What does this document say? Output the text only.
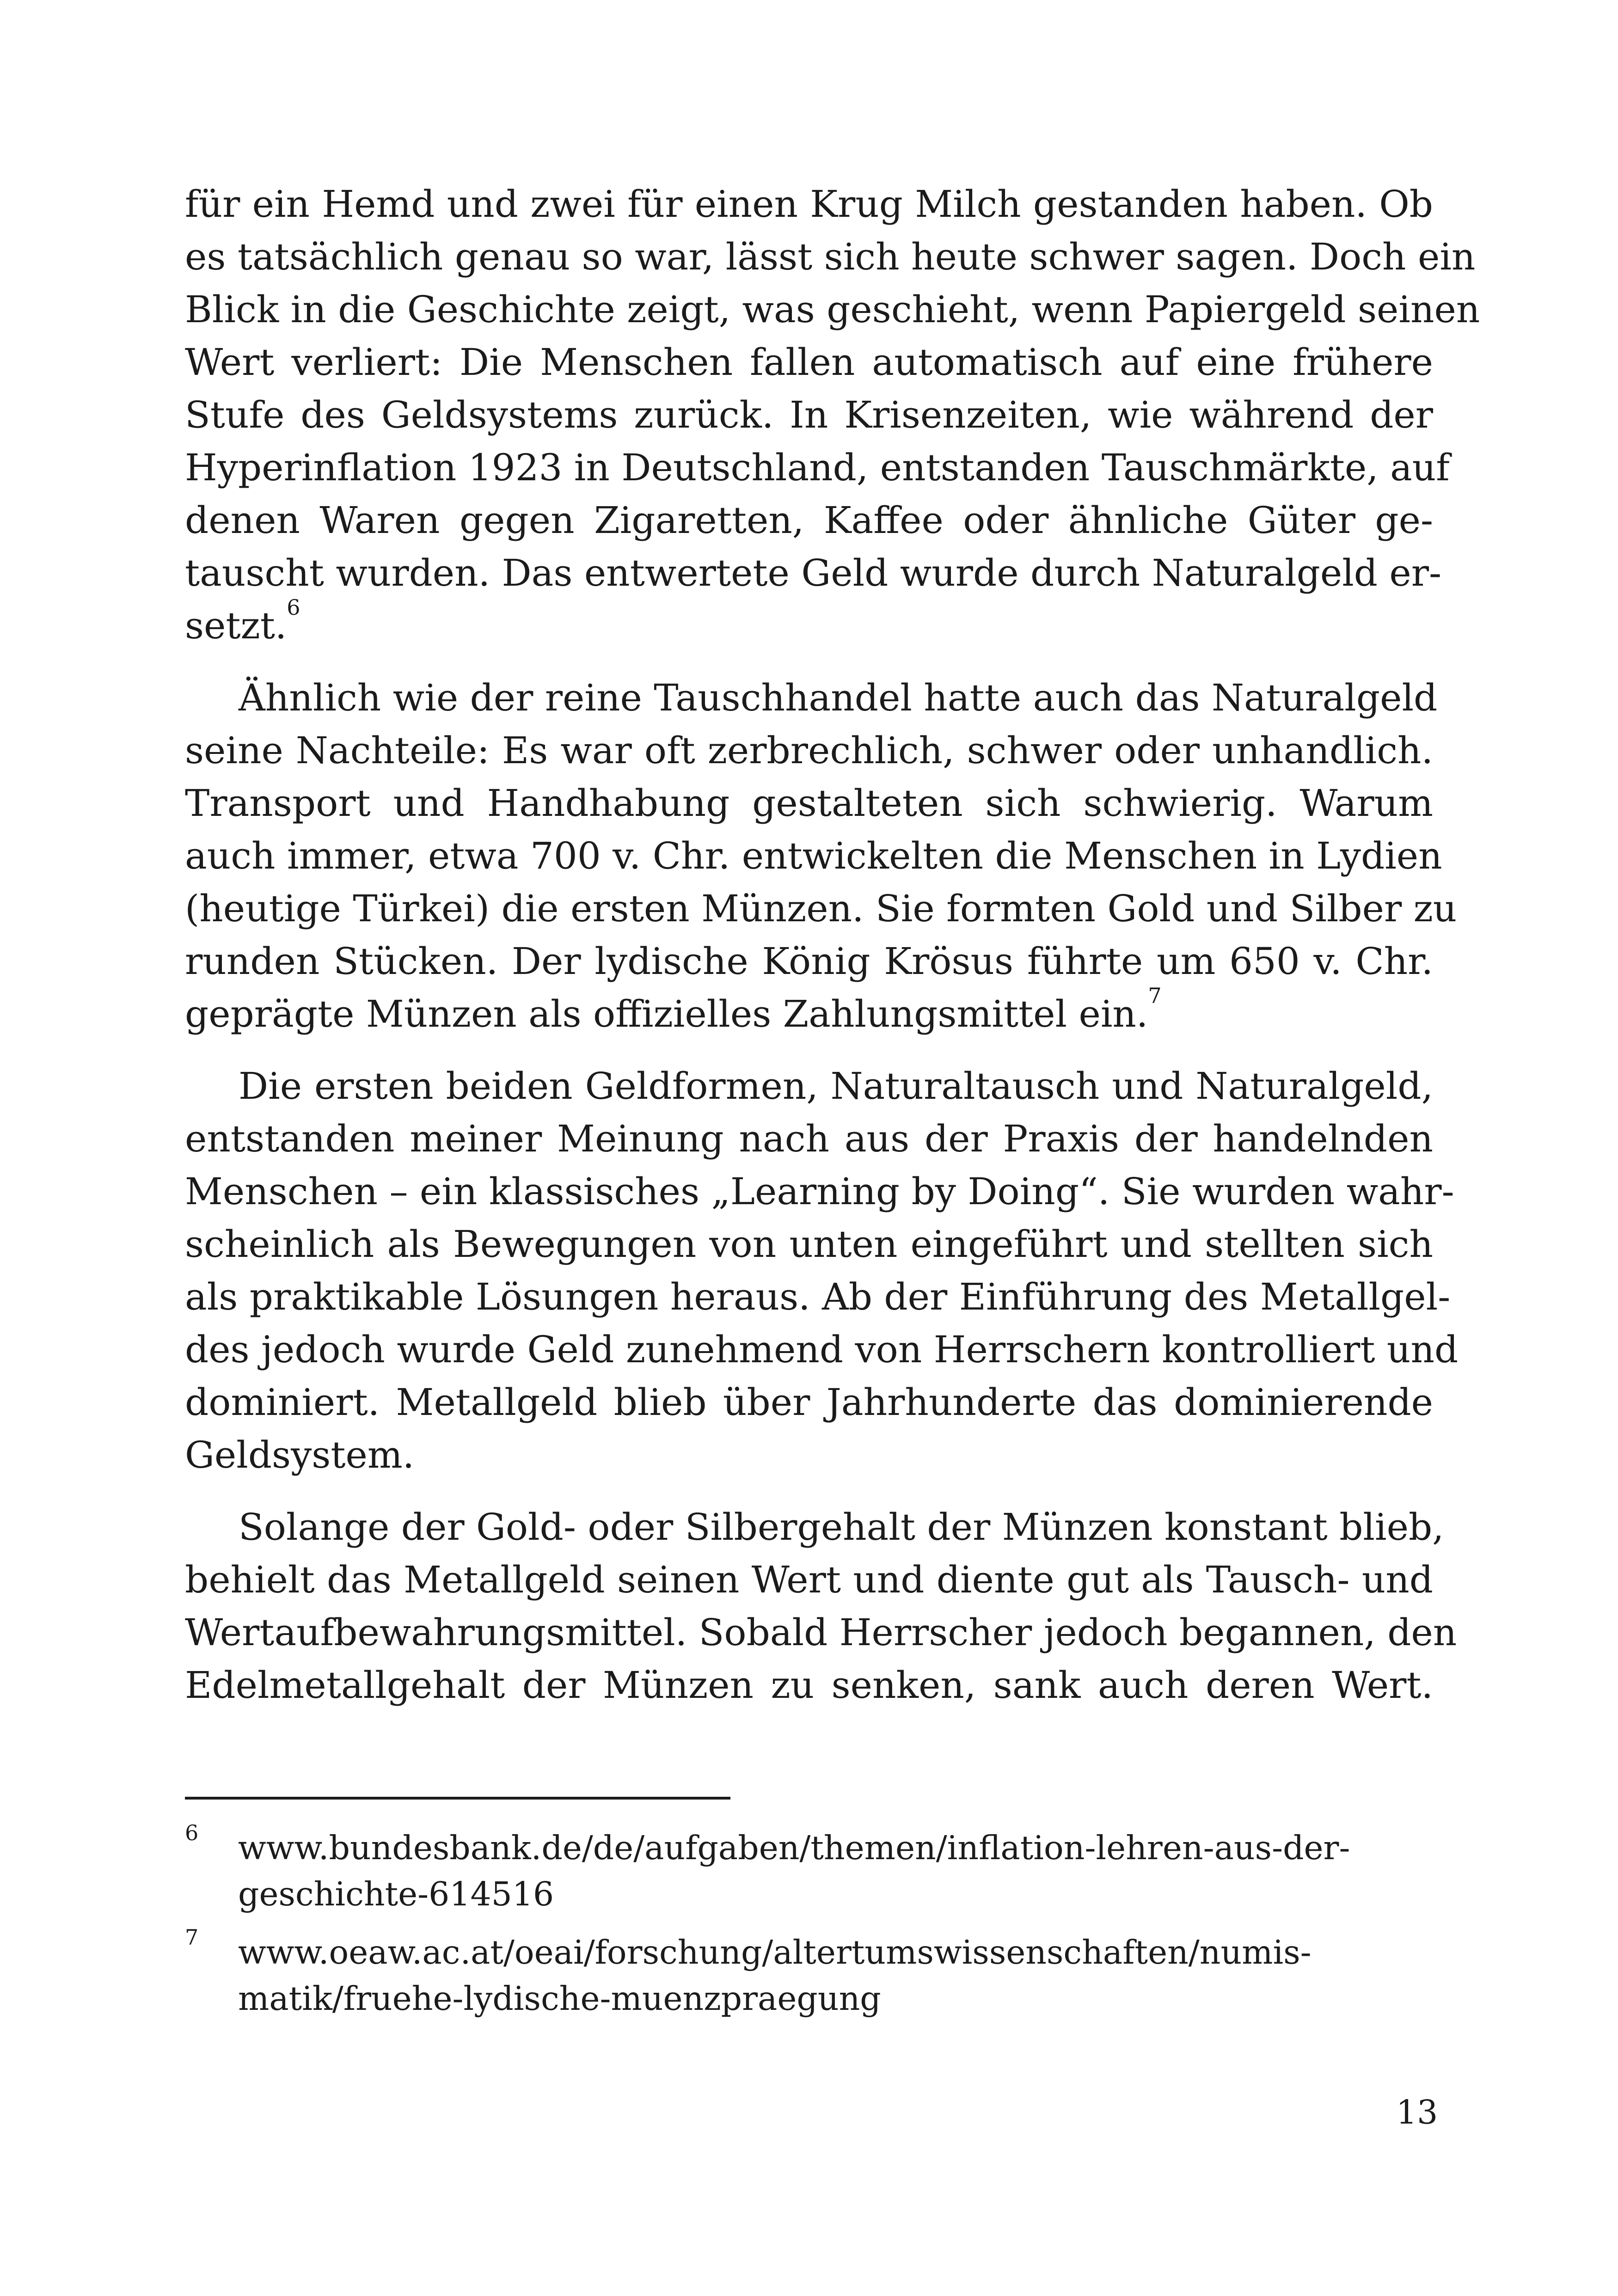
für ein Hemd und zwei für einen Krug Milch gestanden haben. Ob
es tatsächlich genau so war, lässt sich heute schwer sagen. Doch ein
Blick in die Geschichte zeigt, was geschieht, wenn Papiergeld seinen
Wert verliert: Die Menschen fallen automatisch auf eine frühere
Stufe des Geldsystems zurück. In Krisenzeiten, wie während der
Hyperinflation 1923 in Deutschland, entstanden Tauschmärkte, auf
denen Waren gegen Zigaretten, Kaffee oder ähnliche Güter ge-
tauscht wurden. Das entwertete Geld wurde durch Naturalgeld er-
setzt.$^6$
Ähnlich wie der reine Tauschhandel hatte auch das Naturalgeld
seine Nachteile: Es war oft zerbrechlich, schwer oder unhandlich.
Transport und Handhabung gestalteten sich schwierig. Warum
auch immer, etwa 700 v. Chr. entwickelten die Menschen in Lydien
(heutige Türkei) die ersten Münzen. Sie formten Gold und Silber zu
runden Stücken. Der lydische König Krösus führte um 650 v. Chr.
geprägte Münzen als offizielles Zahlungsmittel ein.$^7$
Die ersten beiden Geldformen, Naturaltausch und Naturalgeld,
entstanden meiner Meinung nach aus der Praxis der handelnden
Menschen – ein klassisches „Learning by Doing“. Sie wurden wahr-
scheinlich als Bewegungen von unten eingeführt und stellten sich
als praktikable Lösungen heraus. Ab der Einführung des Metallgel-
des jedoch wurde Geld zunehmend von Herrschern kontrolliert und
dominiert. Metallgeld blieb über Jahrhunderte das dominierende
Geldsystem.
Solange der Gold- oder Silbergehalt der Münzen konstant blieb,
behielt das Metallgeld seinen Wert und diente gut als Tausch- und
Wertaufbewahrungsmittel. Sobald Herrscher jedoch begannen, den
Edelmetallgehalt der Münzen zu senken, sank auch deren Wert.
6 www.bundesbank.de/de/aufgaben/themen/inflation-lehren-aus-der-
geschichte-614516
7 www.oeaw.ac.at/oeai/forschung/altertumswissenschaften/numis-
matik/fruehe-lydische-muenzpraegung
13
